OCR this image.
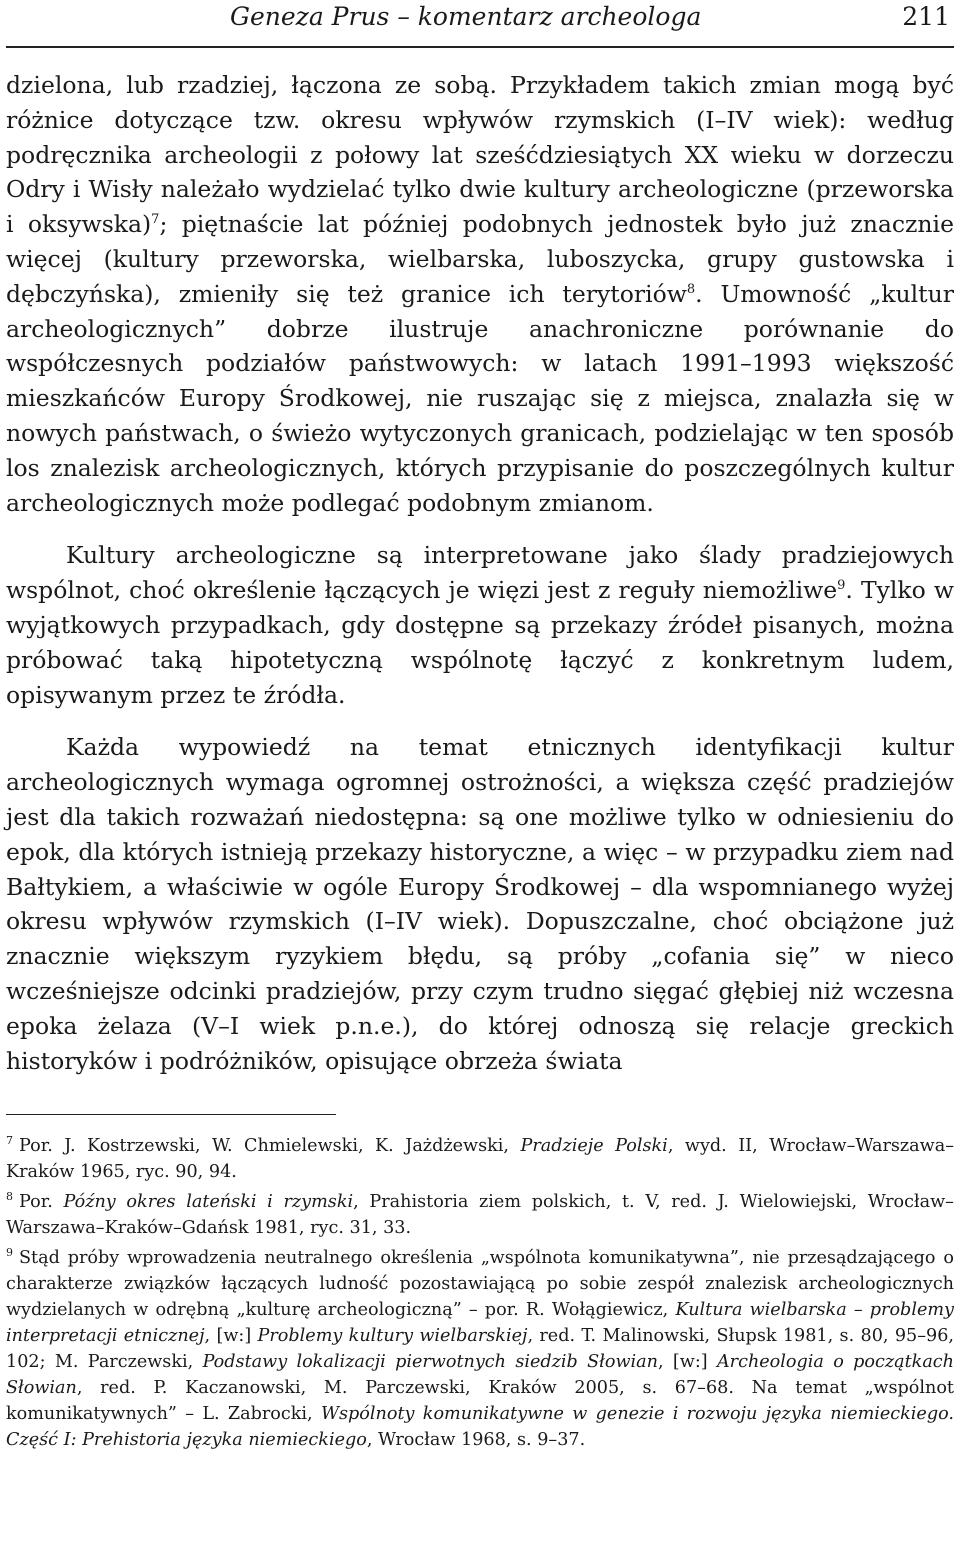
Geneza Prus – komentarz archeologa	211

dzielona, lub rzadziej, łączona ze sobą. Przykładem takich zmian mogą być różnice dotyczące tzw. okresu wpływów rzymskich (I–IV wiek): według podręcznika archeologii z połowy lat sześćdziesiątych XX wieku w dorzeczu Odry i Wisły należało wydzielać tylko dwie kultury archeologiczne (przeworska i oksywska)$^7$; piętnaście lat później podobnych jednostek było już znacznie więcej (kultury przeworska, wielbarska, luboszycka, grupy gustowska i dębczyńska), zmieniły się też granice ich terytoriów$^8$. Umowność „kultur archeologicznych” dobrze ilustruje anachroniczne porównanie do współczesnych podziałów państwowych: w latach 1991–1993 większość mieszkańców Europy Środkowej, nie ruszając się z miejsca, znalazła się w nowych państwach, o świeżo wytyczonych granicach, podzielając w ten sposób los znalezisk archeologicznych, których przypisanie do poszczególnych kultur archeologicznych może podlegać podobnym zmianom.

Kultury archeologiczne są interpretowane jako ślady pradziejowych wspólnot, choć określenie łączących je więzi jest z reguły niemożliwe$^9$. Tylko w wyjątkowych przypadkach, gdy dostępne są przekazy źródeł pisanych, można próbować taką hipotetyczną wspólnotę łączyć z konkretnym ludem, opisywanym przez te źródła.

Każda wypowiedź na temat etnicznych identyfikacji kultur archeologicznych wymaga ogromnej ostrożności, a większa część pradziejów jest dla takich rozważań niedostępna: są one możliwe tylko w odniesieniu do epok, dla których istnieją przekazy historyczne, a więc – w przypadku ziem nad Bałtykiem, a właściwie w ogóle Europy Środkowej – dla wspomnianego wyżej okresu wpływów rzymskich (I–IV wiek). Dopuszczalne, choć obciążone już znacznie większym ryzykiem błędu, są próby „cofania się” w nieco wcześniejsze odcinki pradziejów, przy czym trudno sięgać głębiej niż wczesna epoka żelaza (V–I wiek p.n.e.), do której odnoszą się relacje greckich historyków i podróżników, opisujące obrzeża świata

$^7$ Por. J. Kostrzewski, W. Chmielewski, K. Jażdżewski, Pradzieje Polski, wyd. II, Wrocław–Warszawa–Kraków 1965, ryc. 90, 94.

$^8$ Por. Późny okres lateński i rzymski, Prahistoria ziem polskich, t. V, red. J. Wielowiejski, Wrocław–Warszawa–Kraków–Gdańsk 1981, ryc. 31, 33.

$^9$ Stąd próby wprowadzenia neutralnego określenia „wspólnota komunikatywna”, nie przesądzającego o charakterze związków łączących ludność pozostawiającą po sobie zespół znalezisk archeologicznych wydzielanych w odrębną „kulturę archeologiczną” – por. R. Wołągiewicz, Kultura wielbarska – problemy interpretacji etnicznej, [w:] Problemy kultury wielbarskiej, red. T. Malinowski, Słupsk 1981, s. 80, 95–96, 102; M. Parczewski, Podstawy lokalizacji pierwotnych siedzib Słowian, [w:] Archeologia o początkach Słowian, red. P. Kaczanowski, M. Parczewski, Kraków 2005, s. 67–68. Na temat „wspólnot komunikatywnych” – L. Zabrocki, Wspólnoty komunikatywne w genezie i rozwoju języka niemieckiego. Część I: Prehistoria języka niemieckiego, Wrocław 1968, s. 9–37.
